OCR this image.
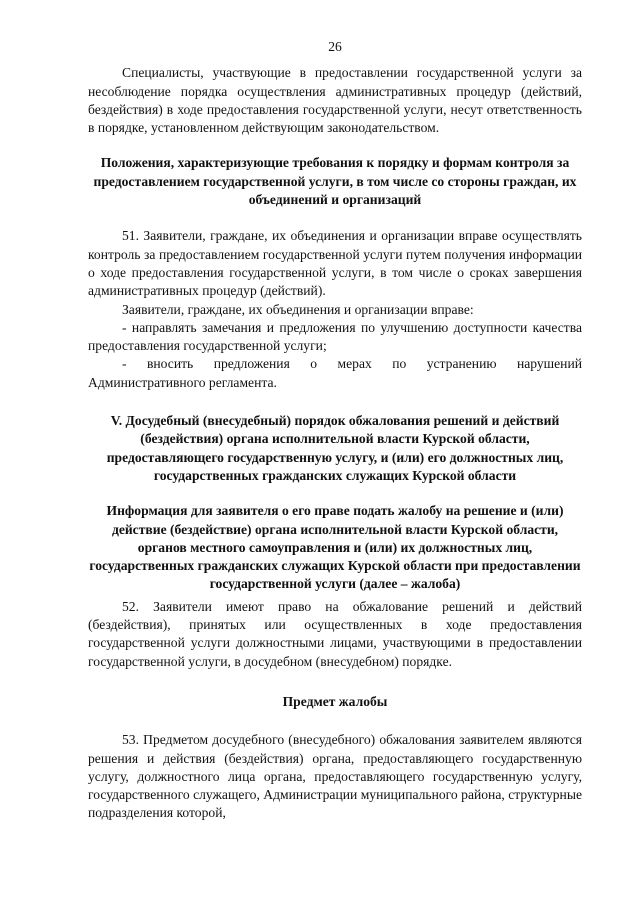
26

Специалисты, участвующие в предоставлении государственной услуги за несоблюдение порядка осуществления административных процедур (действий, бездействия) в ходе предоставления государственной услуги, несут ответственность в порядке, установленном действующим законодательством.

Положения, характеризующие требования к порядку и формам контроля за предоставлением государственной услуги, в том числе со стороны граждан, их объединений и организаций

51. Заявители, граждане, их объединения и организации вправе осуществлять контроль за предоставлением государственной услуги путем получения информации о ходе предоставления государственной услуги, в том числе о сроках завершения административных процедур (действий).

Заявители, граждане, их объединения и организации вправе:

- направлять замечания и предложения по улучшению доступности качества предоставления государственной услуги;

- вносить предложения о мерах по устранению нарушений Административного регламента.

V. Досудебный (внесудебный) порядок обжалования решений и действий (бездействия) органа исполнительной власти Курской области, предоставляющего государственную услугу, и (или) его должностных лиц, государственных гражданских служащих Курской области

Информация для заявителя о его праве подать жалобу на решение и (или) действие (бездействие) органа исполнительной власти Курской области, органов местного самоуправления и (или) их должностных лиц, государственных гражданских служащих Курской области при предоставлении государственной услуги (далее – жалоба)

52. Заявители имеют право на обжалование решений и действий (бездействия), принятых или осуществленных в ходе предоставления государственной услуги должностными лицами, участвующими в предоставлении государственной услуги, в досудебном (внесудебном) порядке.

Предмет жалобы

53. Предметом досудебного (внесудебного) обжалования заявителем являются решения и действия (бездействия) органа, предоставляющего государственную услугу, должностного лица органа, предоставляющего государственную услугу, государственного служащего, Администрации муниципального района, структурные подразделения которой,
